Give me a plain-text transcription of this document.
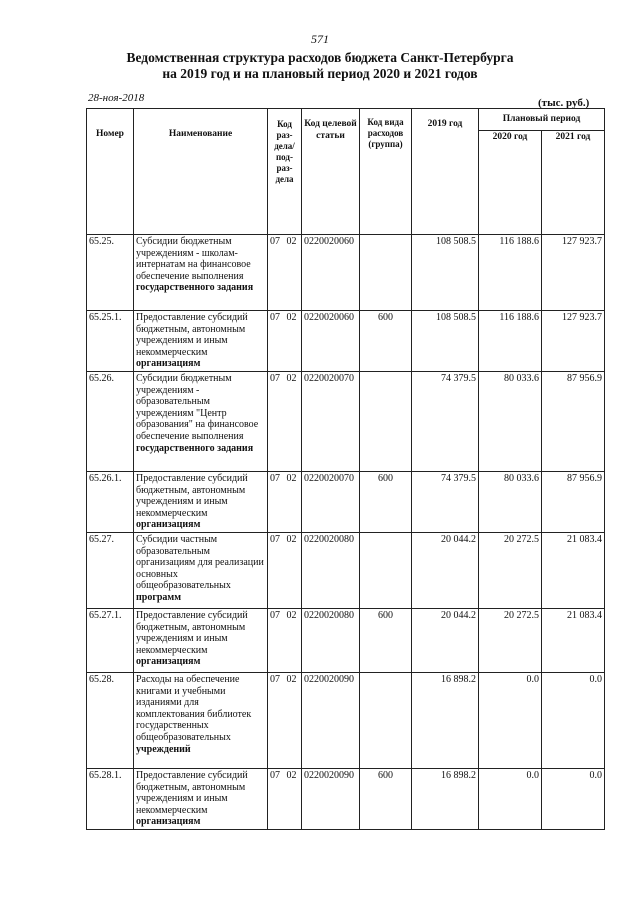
571
Ведомственная структура расходов бюджета Санкт-Петербурга
на 2019 год и на плановый период 2020 и 2021 годов
28-ноя-2018	(тыс. руб.)
Номер	Наименование	Код раз-дела/ под-раз-дела	Код целевой статьи	Код вида расходов (группа)	2019 год	Плановый период	
						2020 год	2021 год
65.25.	Субсидии бюджетным учреждениям - школам-интернатам на финансовое обеспечение выполнения государственного задания	07 02	0220020060		108 508.5	116 188.6	127 923.7
65.25.1.	Предоставление субсидий бюджетным, автономным учреждениям и иным некоммерческим организациям	07 02	0220020060	600	108 508.5	116 188.6	127 923.7
65.26.	Субсидии бюджетным учреждениям - образовательным учреждениям "Центр образования" на финансовое обеспечение выполнения государственного задания	07 02	0220020070		74 379.5	80 033.6	87 956.9
65.26.1.	Предоставление субсидий бюджетным, автономным учреждениям и иным некоммерческим организациям	07 02	0220020070	600	74 379.5	80 033.6	87 956.9
65.27.	Субсидии частным образовательным организациям для реализации основных общеобразовательных программ	07 02	0220020080		20 044.2	20 272.5	21 083.4
65.27.1.	Предоставление субсидий бюджетным, автономным учреждениям и иным некоммерческим организациям	07 02	0220020080	600	20 044.2	20 272.5	21 083.4
65.28.	Расходы на обеспечение книгами и учебными изданиями для комплектования библиотек государственных общеобразовательных учреждений	07 02	0220020090		16 898.2	0.0	0.0
65.28.1.	Предоставление субсидий бюджетным, автономным учреждениям и иным некоммерческим организациям	07 02	0220020090	600	16 898.2	0.0	0.0
